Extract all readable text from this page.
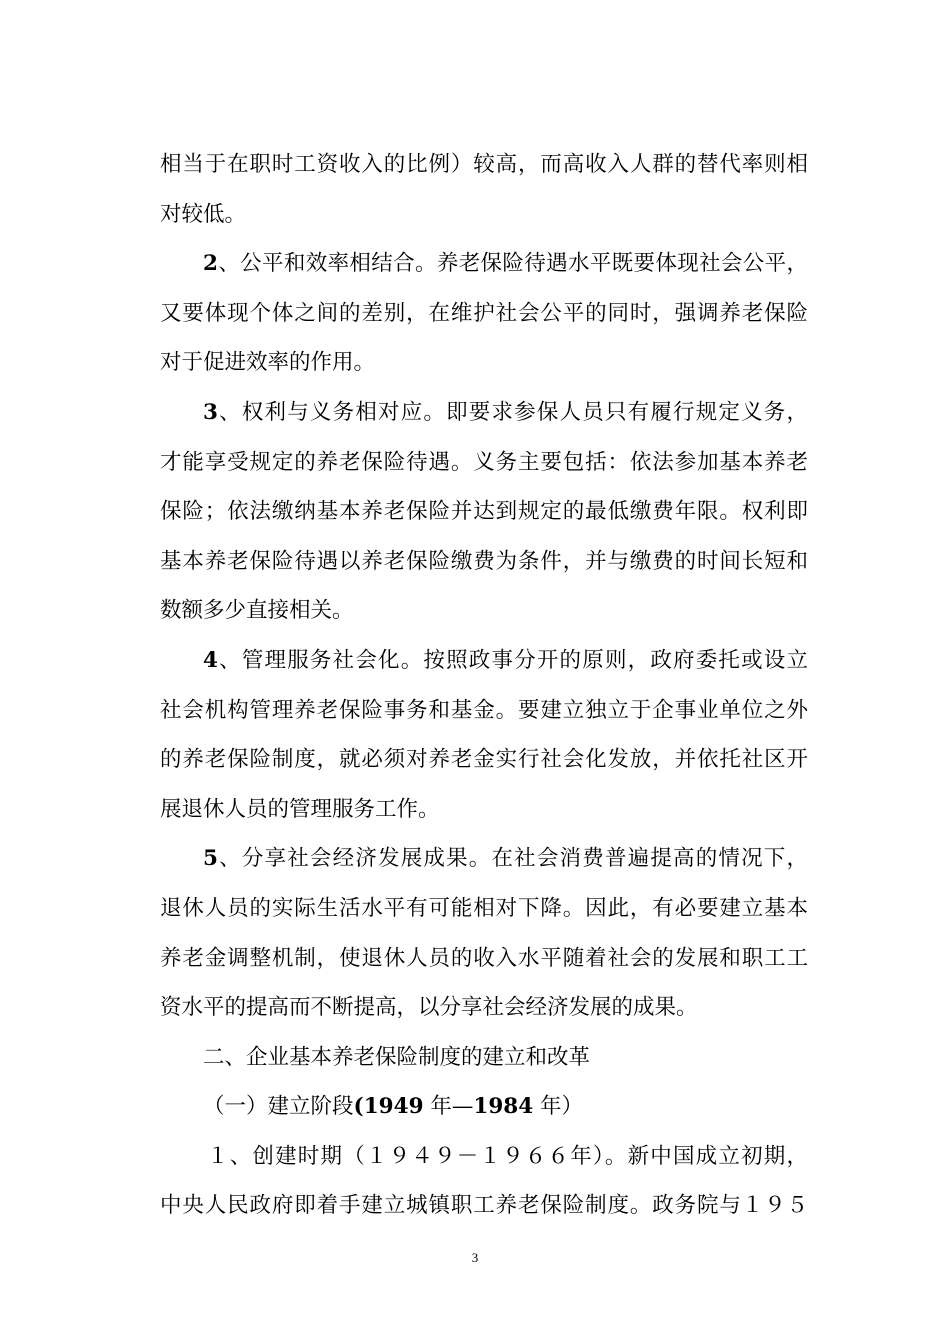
相当于在职时工资收入的比例）较高，而高收入人群的替代率则相
对较低。
2、公平和效率相结合。养老保险待遇水平既要体现社会公平，
又要体现个体之间的差别，在维护社会公平的同时，强调养老保险
对于促进效率的作用。
3、权利与义务相对应。即要求参保人员只有履行规定义务，
才能享受规定的养老保险待遇。义务主要包括：依法参加基本养老
保险；依法缴纳基本养老保险并达到规定的最低缴费年限。权利即
基本养老保险待遇以养老保险缴费为条件，并与缴费的时间长短和
数额多少直接相关。
4、管理服务社会化。按照政事分开的原则，政府委托或设立
社会机构管理养老保险事务和基金。要建立独立于企事业单位之外
的养老保险制度，就必须对养老金实行社会化发放，并依托社区开
展退休人员的管理服务工作。
5、分享社会经济发展成果。在社会消费普遍提高的情况下，
退休人员的实际生活水平有可能相对下降。因此，有必要建立基本
养老金调整机制，使退休人员的收入水平随着社会的发展和职工工
资水平的提高而不断提高，以分享社会经济发展的成果。
二、企业基本养老保险制度的建立和改革
（一）建立阶段(1949 年—1984 年）
１、创建时期（１９４９－１９６６年）。新中国成立初期，
中央人民政府即着手建立城镇职工养老保险制度。政务院与１９５
3
